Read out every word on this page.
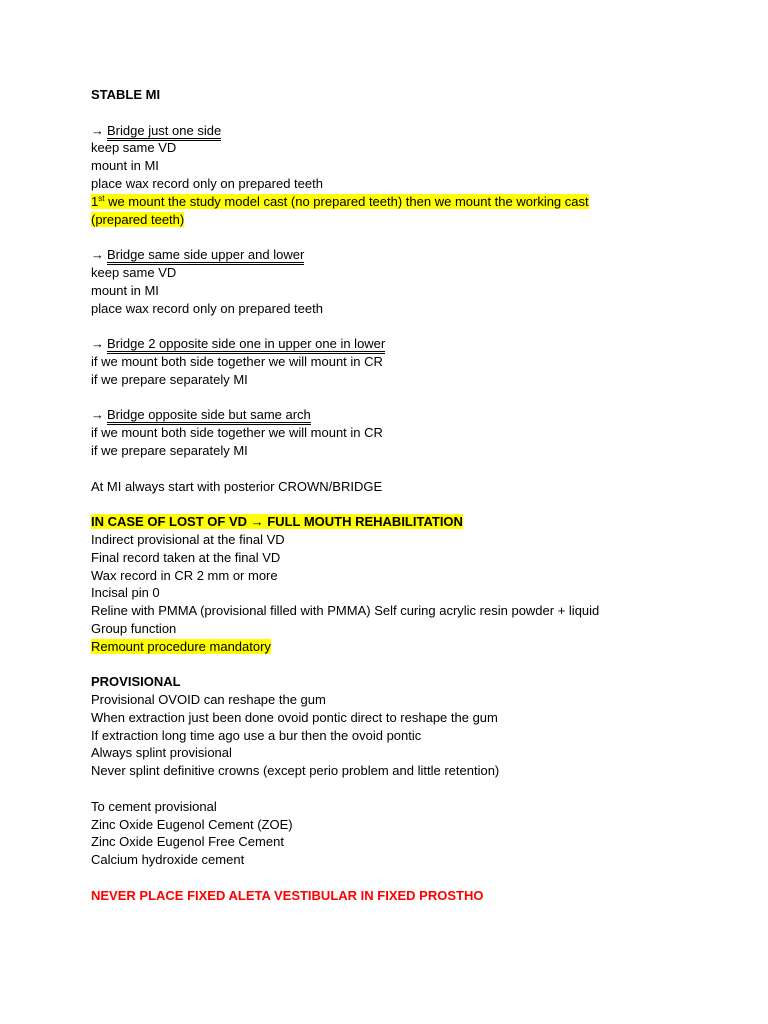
STABLE MI
→ Bridge just one side
keep same VD
mount in MI
place wax record only on prepared teeth
1st we mount the study model cast (no prepared teeth) then we mount the working cast
(prepared teeth)
→ Bridge same side upper and lower
keep same VD
mount in MI
place wax record only on prepared teeth
→ Bridge 2 opposite side one in upper one in lower
if we mount both side together we will mount in CR
if we prepare separately MI
→ Bridge opposite side but same arch
if we mount both side together we will mount in CR
if we prepare separately MI
At MI always start with posterior CROWN/BRIDGE
IN CASE OF LOST OF VD → FULL MOUTH REHABILITATION
Indirect provisional at the final VD
Final record taken at the final VD
Wax record in CR 2 mm or more
Incisal pin 0
Reline with PMMA (provisional filled with PMMA) Self curing acrylic resin powder + liquid
Group function
Remount procedure mandatory
PROVISIONAL
Provisional OVOID can reshape the gum
When extraction just been done ovoid pontic direct to reshape the gum
If extraction long time ago use a bur then the ovoid pontic
Always splint provisional
Never splint definitive crowns (except perio problem and little retention)
To cement provisional
Zinc Oxide Eugenol Cement (ZOE)
Zinc Oxide Eugenol Free Cement
Calcium hydroxide cement
NEVER PLACE FIXED ALETA VESTIBULAR IN FIXED PROSTHO
